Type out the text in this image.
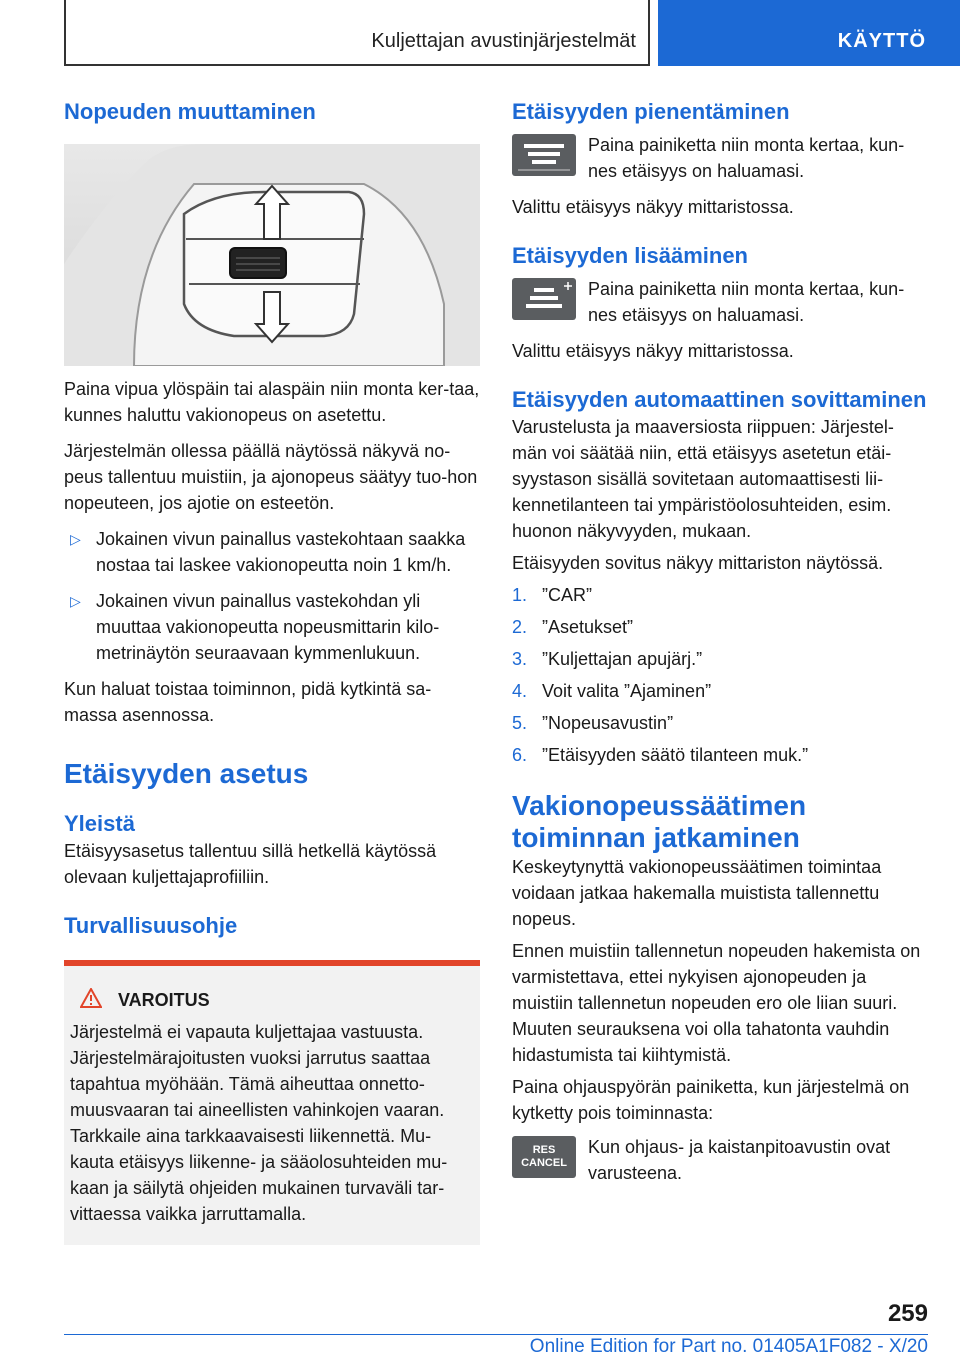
Kuljettajan avustinjärjestelmät	KÄYTTÖ
Nopeuden muuttaminen

Paina vipua ylöspäin tai alaspäin niin monta ker-taa, kunnes haluttu vakionopeus on asetettu.

Järjestelmän ollessa päällä näytössä näkyvä no-peus tallentuu muistiin, ja ajonopeus säätyy tuo-hon nopeuteen, jos ajotie on esteetön.

▷ Jokainen vivun painallus vastekohtaan saakka nostaa tai laskee vakionopeutta noin 1 km/h.
▷ Jokainen vivun painallus vastekohdan yli muuttaa vakionopeutta nopeusmittarin kilo-metrinäytön seuraavaan kymmenlukuun.

Kun haluat toistaa toiminnon, pidä kytkintä sa-massa asennossa.

Etäisyyden asetus
Yleistä

Etäisyysasetus tallentuu sillä hetkellä käytössä olevaan kuljettajaprofiiliin.

Turvallisuusohje
VAROITUS

Järjestelmä ei vapauta kuljettajaa vastuusta. Järjestelmärajoitusten vuoksi jarrutus saattaa tapahtua myöhään. Tämä aiheuttaa onnetto-muusvaaran tai aineellisten vahinkojen vaaran. Tarkkaile aina tarkkaavaisesti liikennettä. Mu-kauta etäisyys liikenne- ja sääolosuhteiden mu-kaan ja säilytä ohjeiden mukainen turvaväli tar-vittaessa vaikka jarruttamalla.

Etäisyyden pienentäminen

Paina painiketta niin monta kertaa, kun-nes etäisyys on haluamasi.

Valittu etäisyys näkyy mittaristossa.

Etäisyyden lisääminen

Paina painiketta niin monta kertaa, kun-nes etäisyys on haluamasi.

Valittu etäisyys näkyy mittaristossa.

Etäisyyden automaattinen sovittaminen

Varustelusta ja maaversiosta riippuen: Järjestel-män voi säätää niin, että etäisyys asetetun etäi-syystason sisällä sovitetaan automaattisesti lii-kennetilanteen tai ympäristöolosuhteiden, esim. huonon näkyvyyden, mukaan.

Etäisyyden sovitus näkyy mittariston näytössä.

1. ”CAR”
2. ”Asetukset”
3. ”Kuljettajan apujärj.”
4. Voit valita ”Ajaminen”
5. ”Nopeusavustin”
6. ”Etäisyyden säätö tilanteen muk.”
Vakionopeussäätimen toiminnan jatkaminen

Keskeytynyttä vakionopeussäätimen toimintaa voidaan jatkaa hakemalla muistista tallennettu nopeus.

Ennen muistiin tallennetun nopeuden hakemista on varmistettava, ettei nykyisen ajonopeuden ja muistiin tallennetun nopeuden ero ole liian suuri. Muuten seurauksena voi olla tahatonta vauhdin hidastumista tai kiihtymistä.

Paina ohjauspyörän painiketta, kun järjestelmä on kytketty pois toiminnasta:

RES
CANCEL

Kun ohjaus- ja kaistanpitoavustin ovat varusteena.

259
Online Edition for Part no. 01405A1F082 - X/20
